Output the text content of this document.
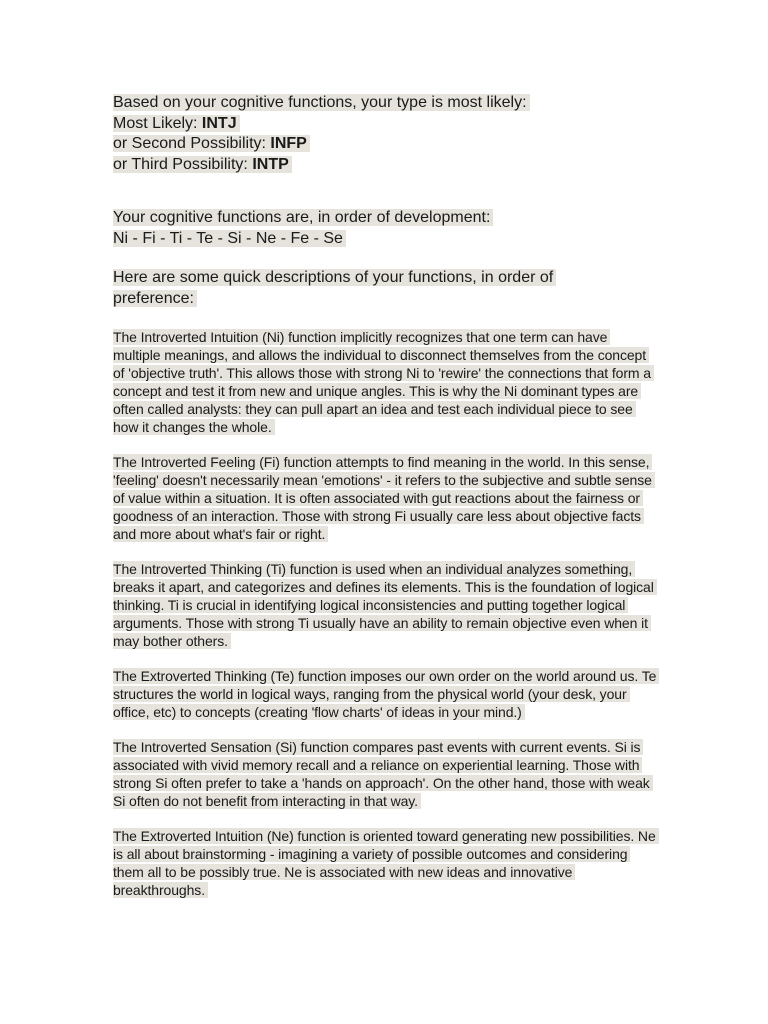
Based on your cognitive functions, your type is most likely:

Most Likely: INTJ

or Second Possibility: INFP

or Third Possibility: INTP

Your cognitive functions are, in order of development:

Ni - Fi - Ti - Te - Si - Ne - Fe - Se

Here are some quick descriptions of your functions, in order of
preference:

The Introverted Intuition (Ni) function implicitly recognizes that one term can have multiple meanings, and allows the individual to disconnect themselves from the concept of 'objective truth'. This allows those with strong Ni to 'rewire' the connections that form a concept and test it from new and unique angles. This is why the Ni dominant types are often called analysts: they can pull apart an idea and test each individual piece to see how it changes the whole.

The Introverted Feeling (Fi) function attempts to find meaning in the world. In this sense, 'feeling' doesn't necessarily mean 'emotions' - it refers to the subjective and subtle sense of value within a situation. It is often associated with gut reactions about the fairness or goodness of an interaction. Those with strong Fi usually care less about objective facts and more about what's fair or right.

The Introverted Thinking (Ti) function is used when an individual analyzes something, breaks it apart, and categorizes and defines its elements. This is the foundation of logical thinking. Ti is crucial in identifying logical inconsistencies and putting together logical arguments. Those with strong Ti usually have an ability to remain objective even when it may bother others.

The Extroverted Thinking (Te) function imposes our own order on the world around us. Te structures the world in logical ways, ranging from the physical world (your desk, your office, etc) to concepts (creating 'flow charts' of ideas in your mind.)

The Introverted Sensation (Si) function compares past events with current events. Si is associated with vivid memory recall and a reliance on experiential learning. Those with strong Si often prefer to take a 'hands on approach'. On the other hand, those with weak Si often do not benefit from interacting in that way.

The Extroverted Intuition (Ne) function is oriented toward generating new possibilities. Ne is all about brainstorming - imagining a variety of possible outcomes and considering them all to be possibly true. Ne is associated with new ideas and innovative breakthroughs.
